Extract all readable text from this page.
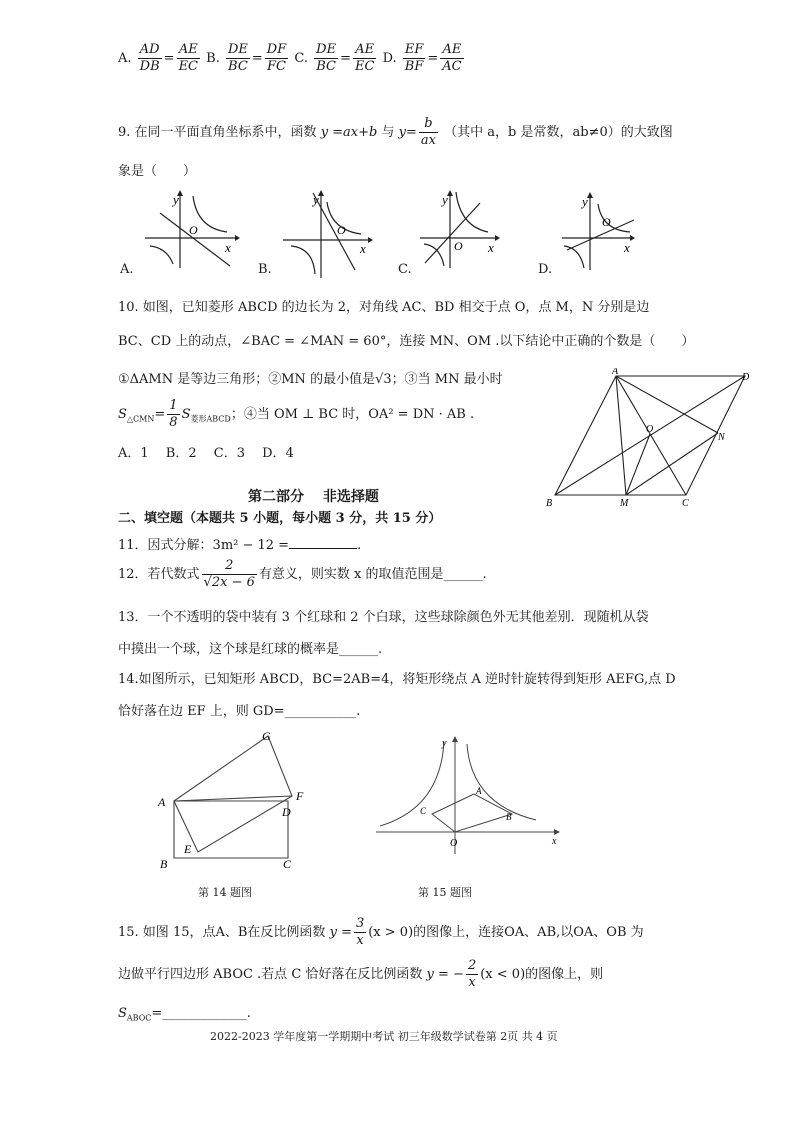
A. $\frac{AD}{DB} = \frac{AE}{EC} B$. $\frac{DE}{BC} = \frac{DF}{FC} C$. $\frac{DE}{BC} = \frac{AE}{EC} D$. $\frac{EF}{BF} = \frac{AE}{AC}$
9. 在同一平面直角坐标系中，函数 y =ax+b 与 $y= \frac{b}{ax}$ （其中 a，b 是常数，ab≠0）的大致图
象是（　　）
y
x
O
A.
y
x
O
B.
y
x
O
C.
y
x
O
D.
10. 如图，已知菱形 ABCD 的边长为 2，对角线 AC、BD 相交于点 O，点 M，N 分别是边
BC、CD 上的动点，∠BAC = ∠MAN = 60°，连接 MN、OM .以下结论中正确的个数是（　　）
①ΔAMN 是等边三角形；②MN 的最小值是√3；③当 MN 最小时
$S_{\triangle CMN}= \frac{1}{8} S_{菱形ABCD}$；④当 OM ⊥ BC 时，OA² = DN · AB .
A．1　 B．2　 C．3　 D．4
A
D
B	C
M
N
O
第二部分　 非选择题
二、填空题（本题共 5 小题，每小题 3 分，共 15 分）
11．因式分解：3m² − 12 =	.
12．若代数式 $\frac{2}{√2x - 6}$ 有意义，则实数 x 的取值范围是______.
13．一个不透明的袋中装有 3 个红球和 2 个白球，这些球除颜色外无其他差别．现随机从袋
中摸出一个球，这个球是红球的概率是______.
14.如图所示，已知矩形 ABCD，BC=2AB=4，将矩形绕点 A 逆时针旋转得到矩形 AEFG,点 D
恰好落在边 EF 上，则 GD=___________.
G
A	F
D
E
B	C
第 14 题图
y
x
O
A
B
C
第 15 题图
15. 如图 15，点A、B在反比例函数 $y = \frac{3}{x} (x > 0)$的图像上，连接OA、AB,以OA、OB 为
边做平行四边形 ABOC .若点 C 恰好落在反比例函数 y = − $\frac{2}{x} (x < 0)$的图像上，则
$S_{ABOC}=\_\_\_\_\_\_\_\_\_\_\_\_\_$.
2022-2023 学年度第一学期期中考试 初三年级数学试卷第 2页 共 4 页
